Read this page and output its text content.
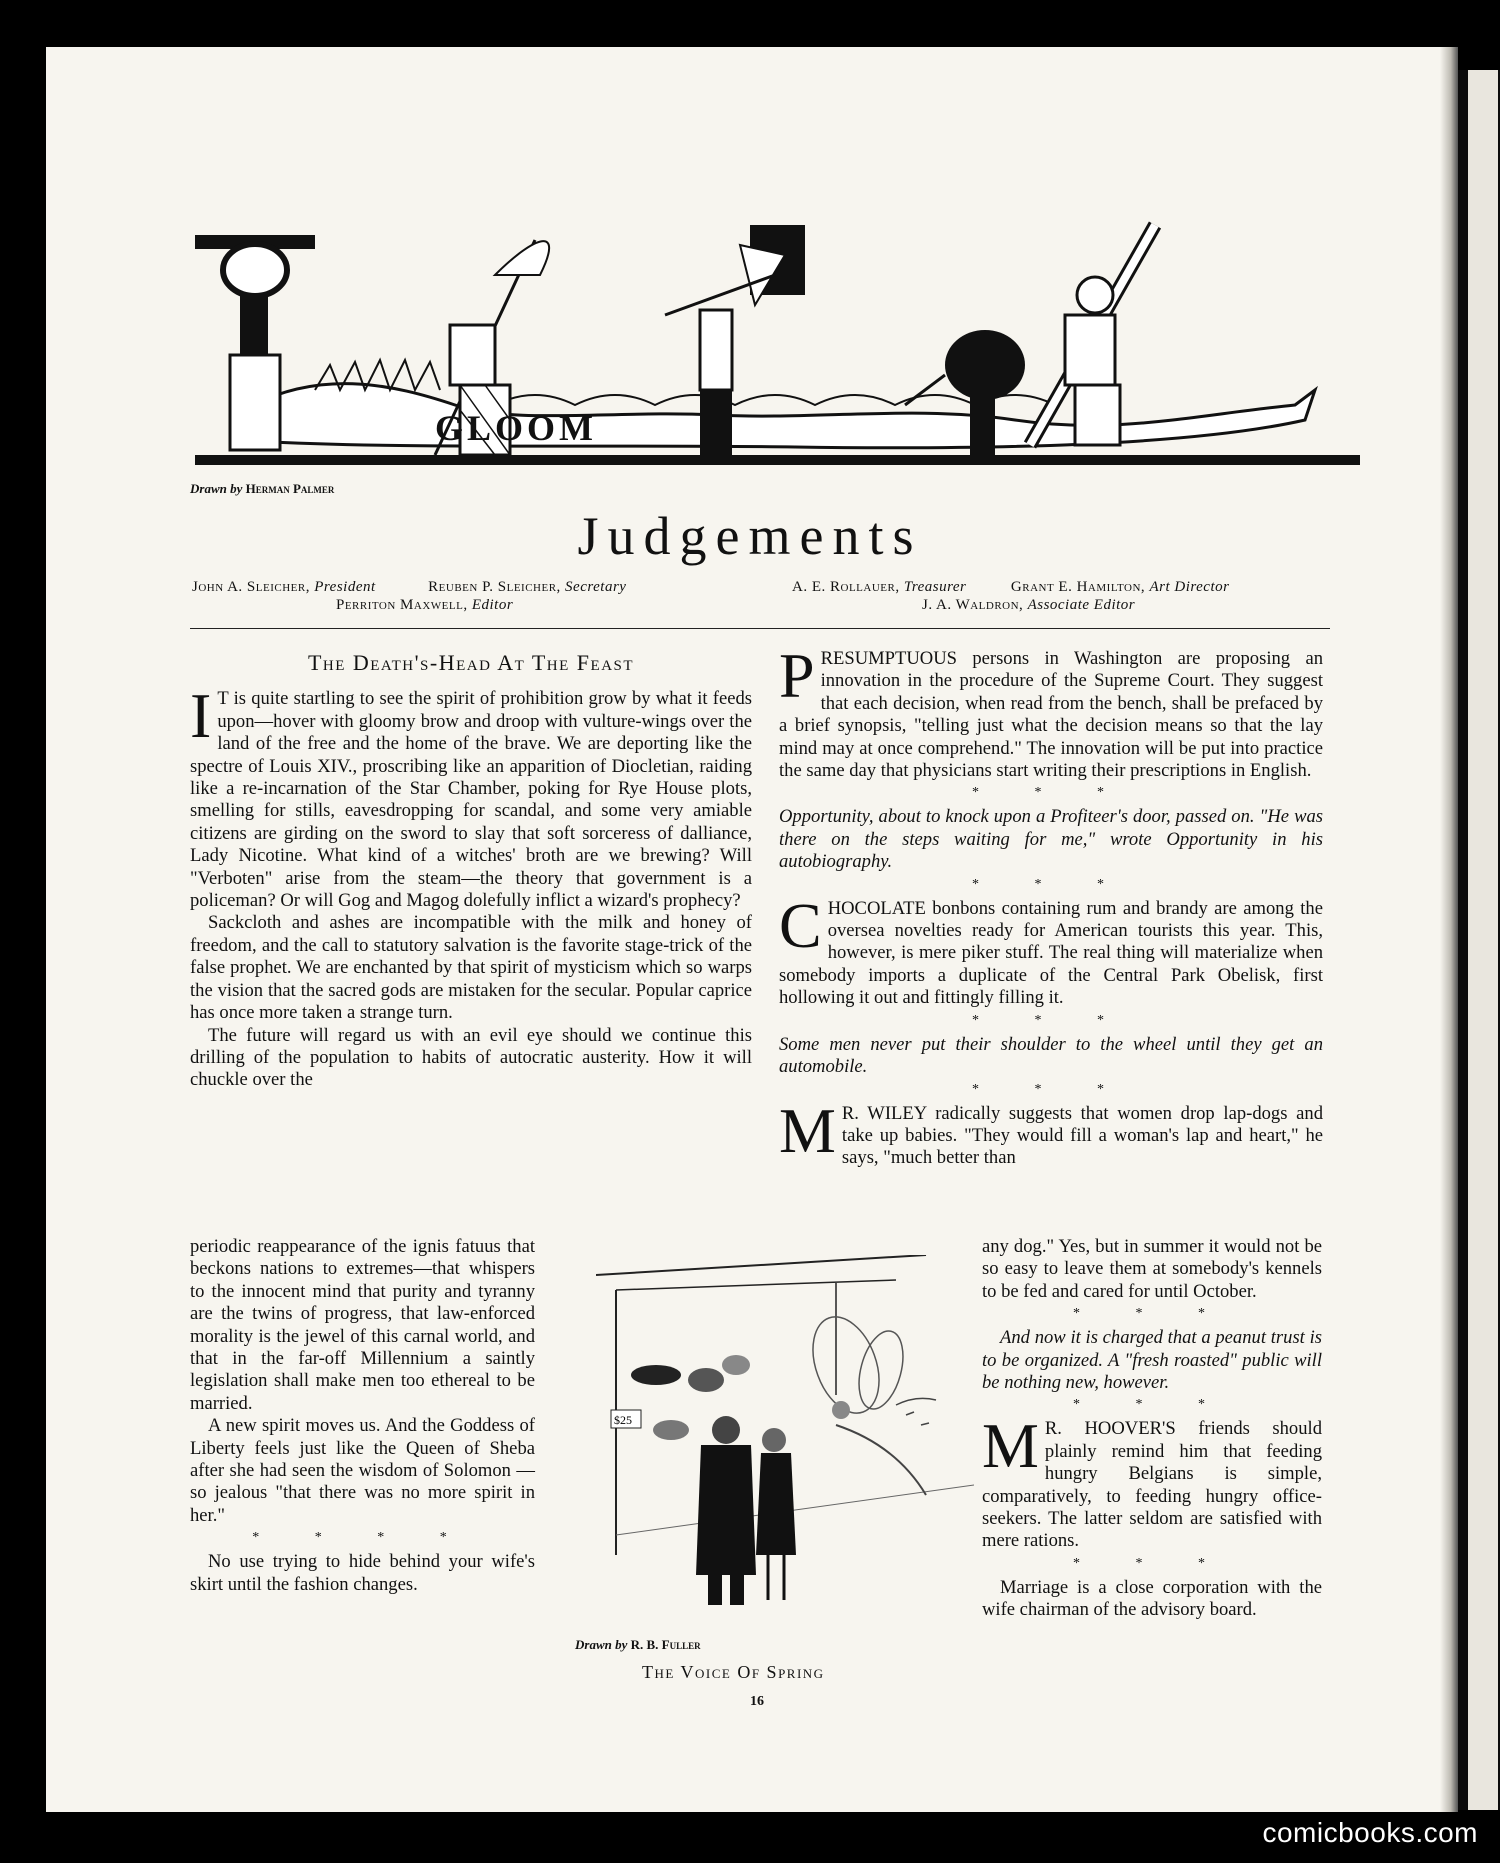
GLOOM
Drawn by Herman Palmer
Judgements
John A. Sleicher, President	Reuben P. Sleicher, Secretary	A. E. Rollauer, Treasurer	Grant E. Hamilton, Art Director
Perriton Maxwell, Editor	J. A. Waldron, Associate Editor
The Death's-Head At The Feast

I T is quite startling to see the spirit of prohibition grow by what it feeds upon—hover with gloomy brow and droop with vulture-wings over the land of the free and the home of the brave. We are deporting like the spectre of Louis XIV., proscribing like an apparition of Diocletian, raiding like a re-incarnation of the Star Chamber, poking for Rye House plots, smelling for stills, eavesdropping for scandal, and some very amiable citizens are girding on the sword to slay that soft sorceress of dalliance, Lady Nicotine. What kind of a witches' broth are we brewing? Will "Verboten" arise from the steam—the theory that government is a policeman? Or will Gog and Magog dolefully inflict a wizard's prophecy?

Sackcloth and ashes are incompatible with the milk and honey of freedom, and the call to statutory salvation is the favorite stage-trick of the false prophet. We are enchanted by that spirit of mysticism which so warps the vision that the sacred gods are mistaken for the secular. Popular caprice has once more taken a strange turn.

The future will regard us with an evil eye should we continue this drilling of the population to habits of autocratic austerity. How it will chuckle over the

periodic reappearance of the ignis fatuus that beckons nations to extremes—that whispers to the innocent mind that purity and tyranny are the twins of progress, that law-enforced morality is the jewel of this carnal world, and that in the far-off Millennium a saintly legislation shall make men too ethereal to be married.

A new spirit moves us. And the Goddess of Liberty feels just like the Queen of Sheba after she had seen the wisdom of Solomon —so jealous "that there was no more spirit in her."

* * * *

No use trying to hide behind your wife's skirt until the fashion changes.

$25
Drawn by R. B. Fuller
The Voice Of Spring

PRESUMPTUOUS persons in Washington are proposing an innovation in the procedure of the Supreme Court. They suggest that each decision, when read from the bench, shall be prefaced by a brief synopsis, "telling just what the decision means so that the lay mind may at once comprehend." The innovation will be put into practice the same day that physicians start writing their prescriptions in English.

* * *

Opportunity, about to knock upon a Profiteer's door, passed on. "He was there on the steps waiting for me," wrote Opportunity in his autobiography.

* * *

CHOCOLATE bonbons containing rum and brandy are among the oversea novelties ready for American tourists this year. This, however, is mere piker stuff. The real thing will materialize when somebody imports a duplicate of the Central Park Obelisk, first hollowing it out and fittingly filling it.

* * *

Some men never put their shoulder to the wheel until they get an automobile.

* * *

M R. WILEY radically suggests that women drop lap-dogs and take up babies. "They would fill a woman's lap and heart," he says, "much better than

any dog." Yes, but in summer it would not be so easy to leave them at somebody's kennels to be fed and cared for until October.

* * *

And now it is charged that a peanut trust is to be organized. A "fresh roasted" public will be nothing new, however.

* * *

M R. HOOVER'S friends should plainly remind him that feeding hungry Belgians is simple, comparatively, to feeding hungry office-seekers. The latter seldom are satisfied with mere rations.

* * *

Marriage is a close corporation with the wife chairman of the advisory board.

16
comicbooks.com
